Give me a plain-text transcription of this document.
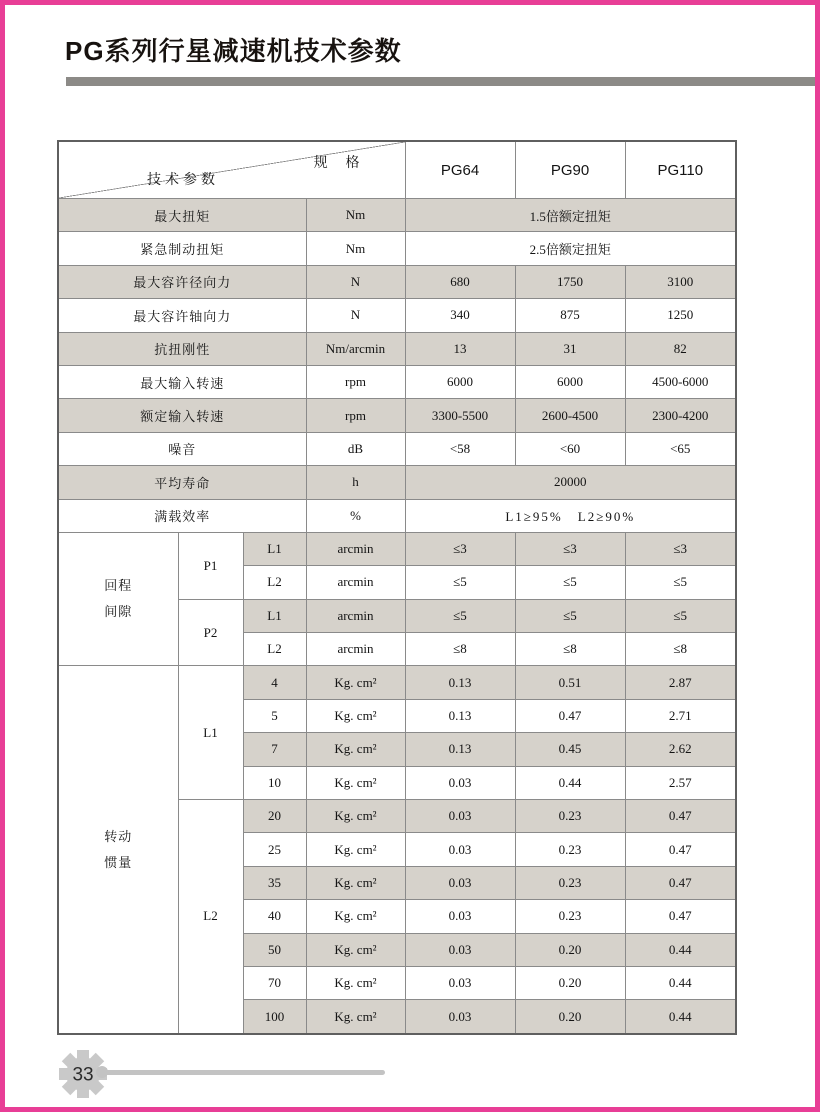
PG系列行星减速机技术参数
规 格
技术参数				PG64	PG90	PG110
最大扭矩			Nm	1.5倍额定扭矩		
紧急制动扭矩			Nm	2.5倍额定扭矩		
最大容许径向力			N	680	1750	3100
最大容许轴向力			N	340	875	1250
抗扭刚性			Nm/arcmin	13	31	82
最大输入转速			rpm	6000	6000	4500-6000
额定输入转速			rpm	3300-5500	2600-4500	2300-4200
噪音			dB	<58	<60	<65
平均寿命			h	20000		
满载效率			%	L1≥95%　L2≥90%		

回程
间隙	P1	L1	arcmin	≤3	≤3	≤3
		L2	arcmin	≤5	≤5	≤5
	P2	L1	arcmin	≤5	≤5	≤5
		L2	arcmin	≤8	≤8	≤8

转动
惯量	L1	4	Kg. cm²	0.13	0.51	2.87
		5	Kg. cm²	0.13	0.47	2.71
		7	Kg. cm²	0.13	0.45	2.62
		10	Kg. cm²	0.03	0.44	2.57
	L2	20	Kg. cm²	0.03	0.23	0.47
		25	Kg. cm²	0.03	0.23	0.47
		35	Kg. cm²	0.03	0.23	0.47
		40	Kg. cm²	0.03	0.23	0.47
		50	Kg. cm²	0.03	0.20	0.44
		70	Kg. cm²	0.03	0.20	0.44
		100	Kg. cm²	0.03	0.20	0.44
33
